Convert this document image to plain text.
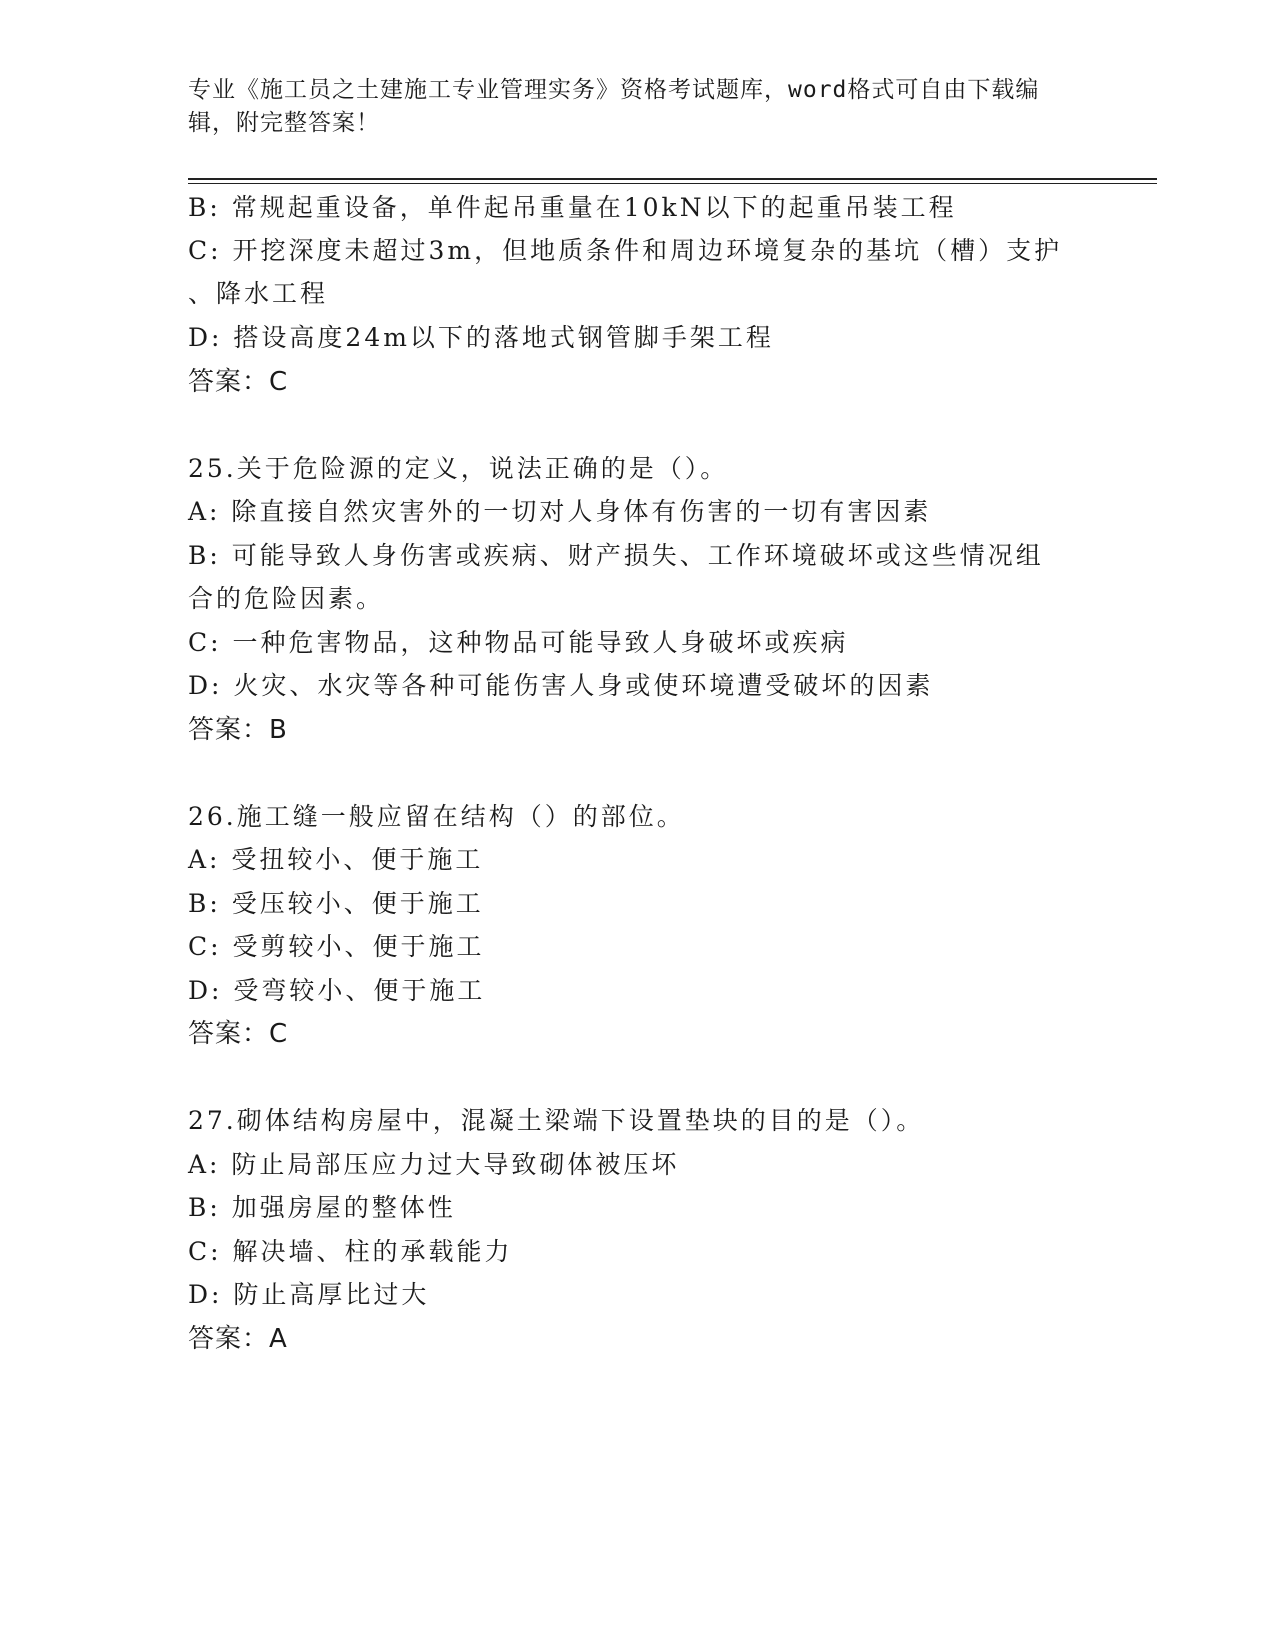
专业《施工员之土建施工专业管理实务》资格考试题库，word格式可自由下载编
辑，附完整答案！
B: 常规起重设备，单件起吊重量在10kN以下的起重吊装工程
C: 开挖深度未超过3m，但地质条件和周边环境复杂的基坑（槽）支护
、降水工程
D: 搭设高度24m以下的落地式钢管脚手架工程
答案：C
25.关于危险源的定义，说法正确的是（）。
A: 除直接自然灾害外的一切对人身体有伤害的一切有害因素
B: 可能导致人身伤害或疾病、财产损失、工作环境破坏或这些情况组
合的危险因素。
C: 一种危害物品，这种物品可能导致人身破坏或疾病
D: 火灾、水灾等各种可能伤害人身或使环境遭受破坏的因素
答案：B
26.施工缝一般应留在结构（）的部位。
A: 受扭较小、便于施工
B: 受压较小、便于施工
C: 受剪较小、便于施工
D: 受弯较小、便于施工
答案：C
27.砌体结构房屋中，混凝土梁端下设置垫块的目的是（）。
A: 防止局部压应力过大导致砌体被压坏
B: 加强房屋的整体性
C: 解决墙、柱的承载能力
D: 防止高厚比过大
答案：A
